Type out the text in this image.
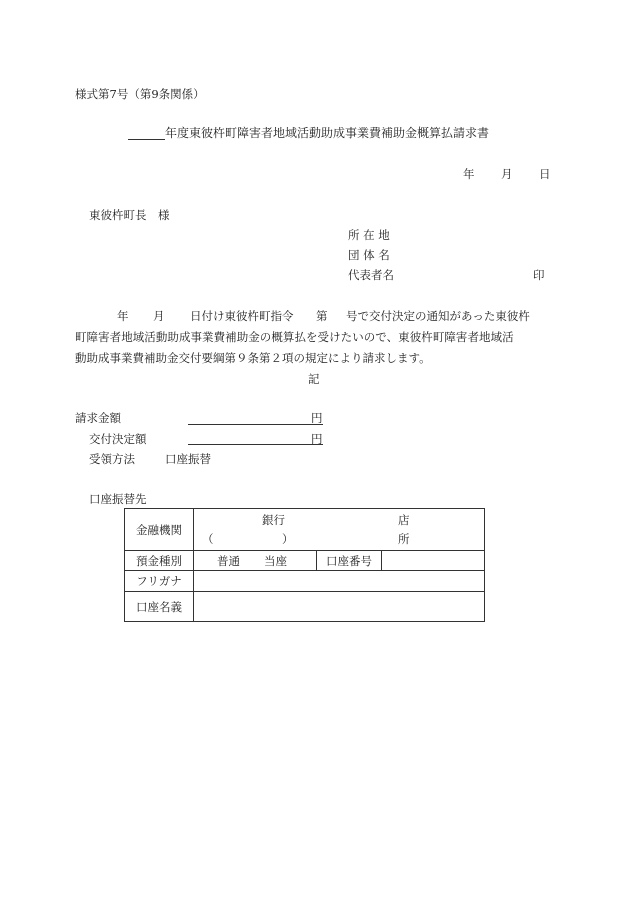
様式第7号（第9条関係）
年度東彼杵町障害者地域活動助成事業費補助金概算払請求書
年 月 日
東彼杵町長　様
所 在 地
団 体 名
代表者名	印
年 月 日付け東彼杵町指令 第 号で交付決定の通知があった東彼杵
町障害者地域活動助成事業費補助金の概算払を受けたいので、東彼杵町障害者地域活
動助成事業費補助金交付要綱第９条第２項の規定により請求します。
記
請求金額	円
交付決定額	円
受領方法	口座振替
口座振替先
金融機関	銀行 店
（ ） 所		

預金種別	普通 当座	口座番号	
フリガナ			
口座名義			
